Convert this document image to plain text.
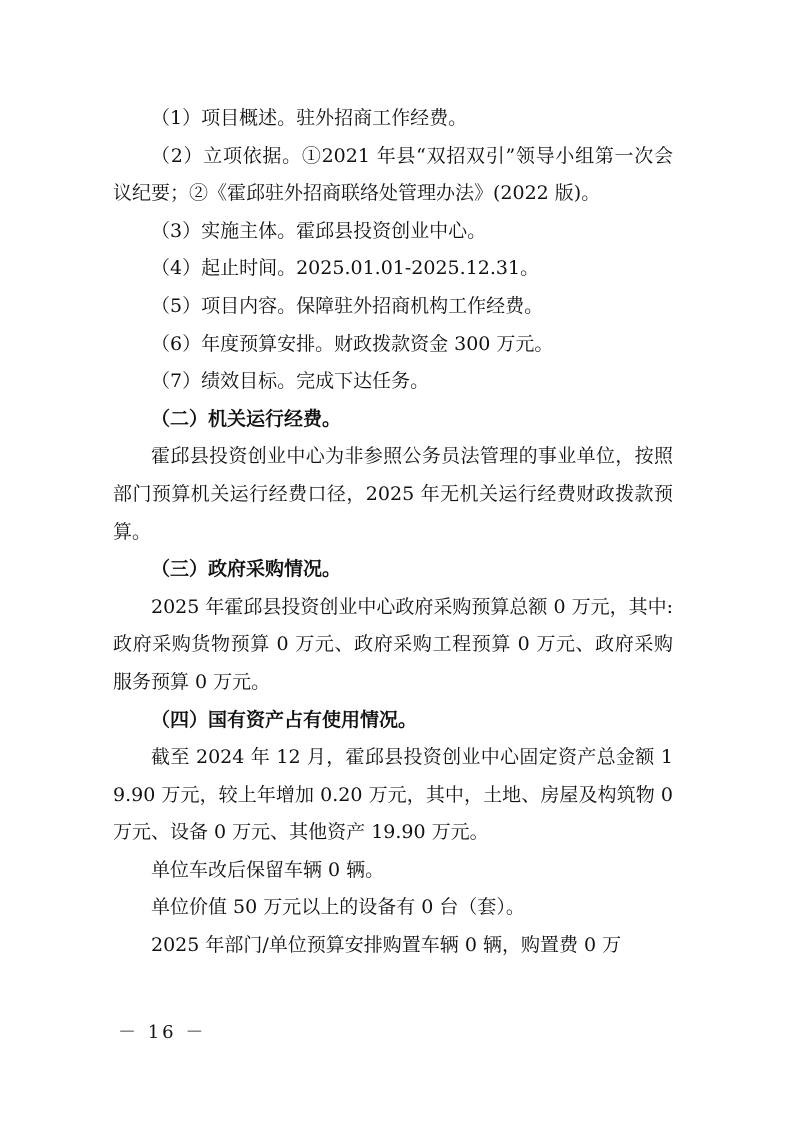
（1）项目概述。驻外招商工作经费。

（2）立项依据。①2021 年县“双招双引”领导小组第一次会议纪要；②《霍邱驻外招商联络处管理办法》(2022 版)。

（3）实施主体。霍邱县投资创业中心。

（4）起止时间。2025.01.01-2025.12.31。

（5）项目内容。保障驻外招商机构工作经费。

（6）年度预算安排。财政拨款资金 300 万元。

（7）绩效目标。完成下达任务。

（二）机关运行经费。

霍邱县投资创业中心为非参照公务员法管理的事业单位，按照部门预算机关运行经费口径，2025 年无机关运行经费财政拨款预算。

（三）政府采购情况。

2025 年霍邱县投资创业中心政府采购预算总额 0 万元，其中: 政府采购货物预算 0 万元、政府采购工程预算 0 万元、政府采购服务预算 0 万元。

（四）国有资产占有使用情况。

截至 2024 年 12 月，霍邱县投资创业中心固定资产总金额 19.90 万元，较上年增加 0.20 万元，其中，土地、房屋及构筑物 0 万元、设备 0 万元、其他资产 19.90 万元。

单位车改后保留车辆 0 辆。

单位价值 50 万元以上的设备有 0 台（套）。

2025 年部门/单位预算安排购置车辆 0 辆，购置费 0 万

－ 16 －
